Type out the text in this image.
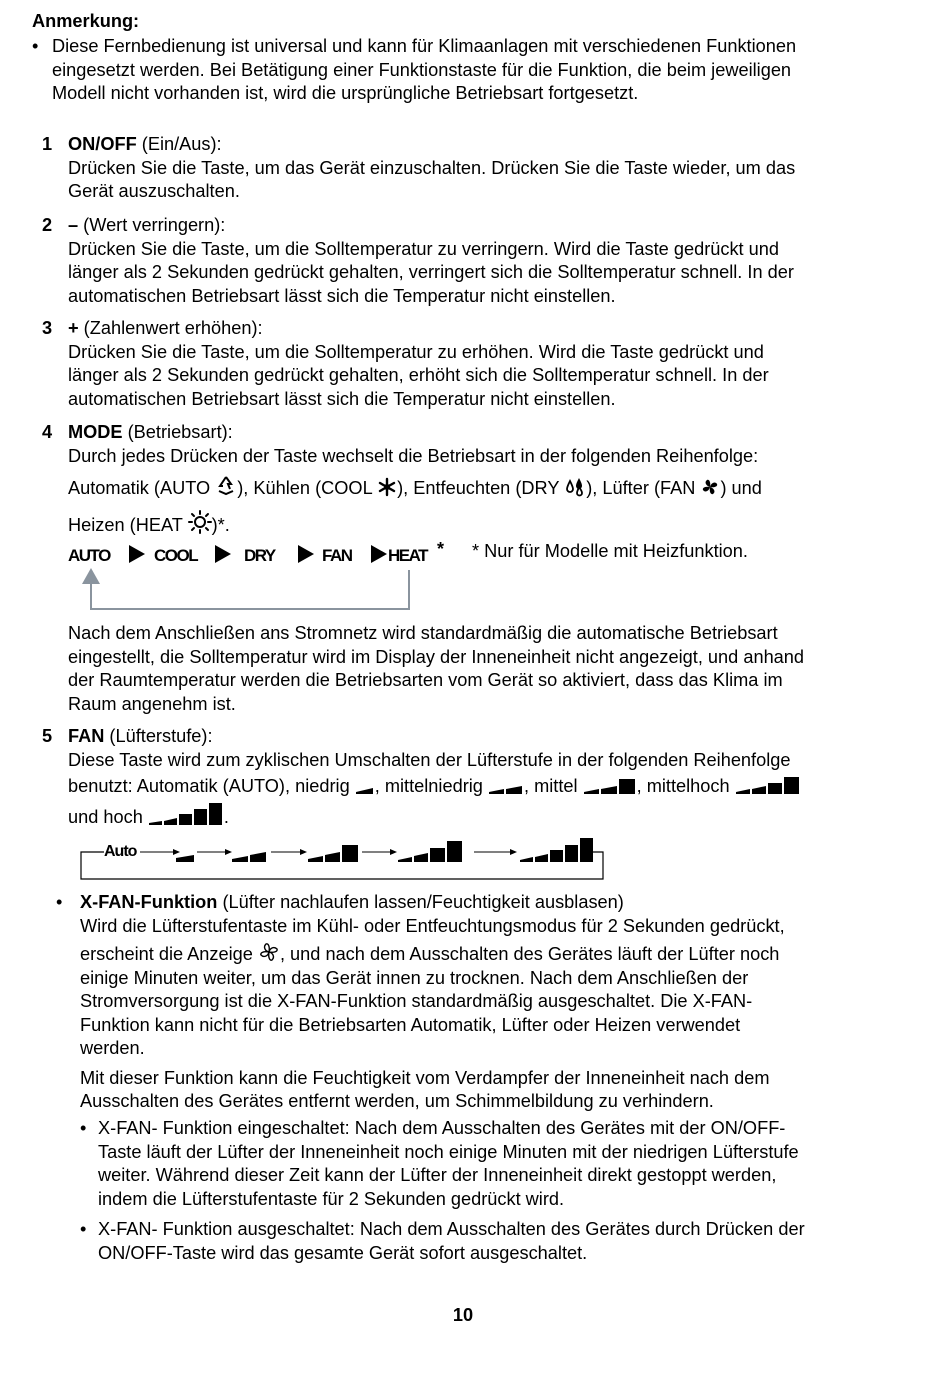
Anmerkung:
• Diese Fernbedienung ist universal und kann für Klimaanlagen mit verschiedenen Funktionen
eingesetzt werden. Bei Betätigung einer Funktionstaste für die Funktion, die beim jeweiligen
Modell nicht vorhanden ist, wird die ursprüngliche Betriebsart fortgesetzt.
1 ON/OFF (Ein/Aus):
Drücken Sie die Taste, um das Gerät einzuschalten. Drücken Sie die Taste wieder, um das
Gerät auszuschalten.
2 – (Wert verringern):
Drücken Sie die Taste, um die Solltemperatur zu verringern. Wird die Taste gedrückt und
länger als 2 Sekunden gedrückt gehalten, verringert sich die Solltemperatur schnell. In der
automatischen Betriebsart lässt sich die Temperatur nicht einstellen.
3 + (Zahlenwert erhöhen):
Drücken Sie die Taste, um die Solltemperatur zu erhöhen. Wird die Taste gedrückt und
länger als 2 Sekunden gedrückt gehalten, erhöht sich die Solltemperatur schnell. In der
automatischen Betriebsart lässt sich die Temperatur nicht einstellen.
4 MODE (Betriebsart):
Durch jedes Drücken der Taste wechselt die Betriebsart in der folgenden Reihenfolge:
Automatik (AUTO ), Kühlen (COOL ), Entfeuchten (DRY ), Lüfter (FAN ) und
Heizen (HEAT )*.
AUTO	COOL	DRY	FAN HEAT * * Nur für Modelle mit Heizfunktion.
Nach dem Anschließen ans Stromnetz wird standardmäßig die automatische Betriebsart
eingestellt, die Solltemperatur wird im Display der Inneneinheit nicht angezeigt, und anhand
der Raumtemperatur werden die Betriebsarten vom Gerät so aktiviert, dass das Klima im
Raum angenehm ist.
5 FAN (Lüfterstufe):
Diese Taste wird zum zyklischen Umschalten der Lüfterstufe in der folgenden Reihenfolge
benutzt: Automatik (AUTO), niedrig , mittelniedrig , mittel	, mittelhoch
und hoch	.
Auto
• X-FAN-Funktion (Lüfter nachlaufen lassen/Feuchtigkeit ausblasen)
Wird die Lüfterstufentaste im Kühl- oder Entfeuchtungsmodus für 2 Sekunden gedrückt,
erscheint die Anzeige , und nach dem Ausschalten des Gerätes läuft der Lüfter noch
einige Minuten weiter, um das Gerät innen zu trocknen. Nach dem Anschließen der
Stromversorgung ist die X-FAN-Funktion standardmäßig ausgeschaltet. Die X-FAN-
Funktion kann nicht für die Betriebsarten Automatik, Lüfter oder Heizen verwendet
werden.
Mit dieser Funktion kann die Feuchtigkeit vom Verdampfer der Inneneinheit nach dem
Ausschalten des Gerätes entfernt werden, um Schimmelbildung zu verhindern.
• X-FAN- Funktion eingeschaltet: Nach dem Ausschalten des Gerätes mit der ON/OFF-
Taste läuft der Lüfter der Inneneinheit noch einige Minuten mit der niedrigen Lüfterstufe
weiter. Während dieser Zeit kann der Lüfter der Inneneinheit direkt gestoppt werden,
indem die Lüfterstufentaste für 2 Sekunden gedrückt wird.
• X-FAN- Funktion ausgeschaltet: Nach dem Ausschalten des Gerätes durch Drücken der
ON/OFF-Taste wird das gesamte Gerät sofort ausgeschaltet.
10
